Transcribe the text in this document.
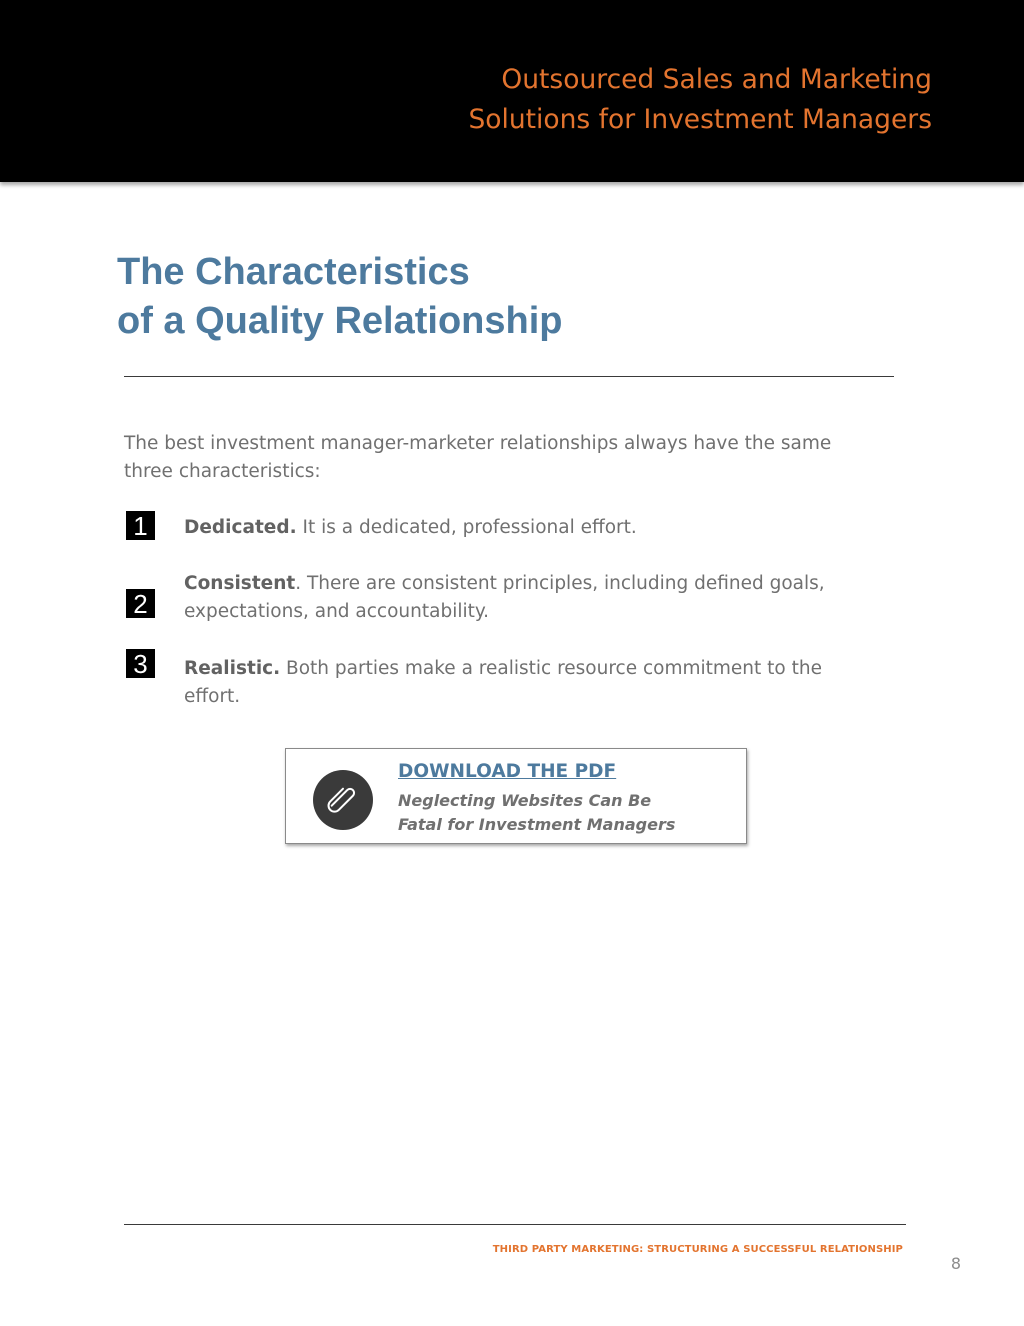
Outsourced Sales and Marketing
Solutions for Investment Managers
The Characteristics
of a Quality Relationship

The best investment manager-marketer relationships always have the same
three characteristics:

1	Dedicated. It is a dedicated, professional effort.

2

Consistent. There are consistent principles, including defined goals,
expectations, and accountability.

3	Realistic. Both parties make a realistic resource commitment to the
effort.

DOWNLOAD THE PDF
Neglecting Websites Can Be
Fatal for Investment Managers
THIRD PARTY MARKETING: STRUCTURING A SUCCESSFUL RELATIONSHIP
8
